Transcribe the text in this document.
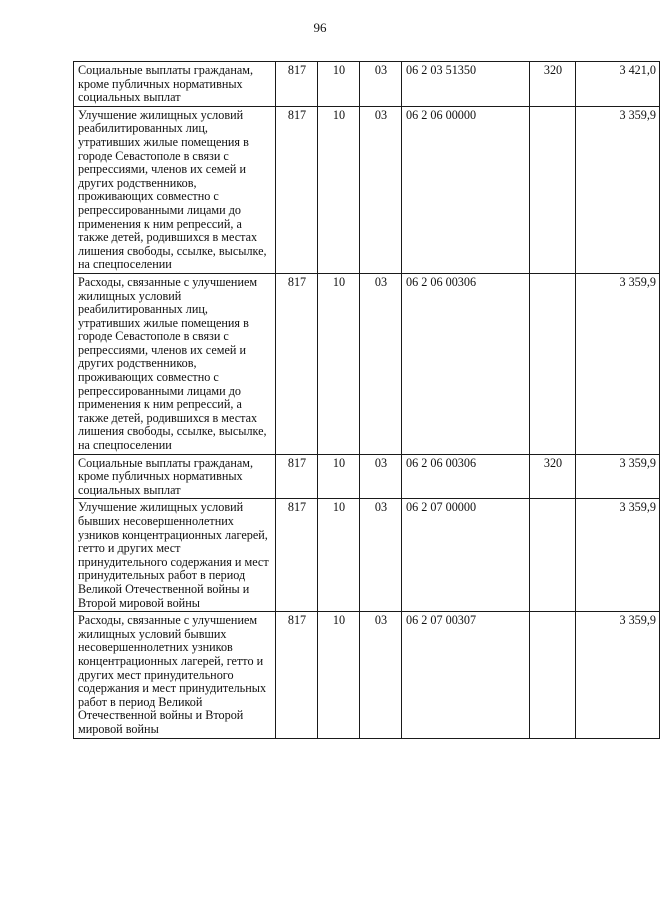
96
Социальные выплаты гражданам, кроме публичных нормативных социальных выплат	817	10	03	06 2 03 51350	320	3 421,0
Улучшение жилищных условий реабилитированных лиц, утративших жилые помещения в городе Севастополе в связи с репрессиями, членов их семей и других родственников, проживающих совместно с репрессированными лицами до применения к ним репрессий, а также детей, родившихся в местах лишения свободы, ссылке, высылке, на спецпоселении	817	10	03	06 2 06 00000		3 359,9
Расходы, связанные с улучшением жилищных условий реабилитированных лиц, утративших жилые помещения в городе Севастополе в связи с репрессиями, членов их семей и других родственников, проживающих совместно с репрессированными лицами до применения к ним репрессий, а также детей, родившихся в местах лишения свободы, ссылке, высылке, на спецпоселении	817	10	03	06 2 06 00306		3 359,9
Социальные выплаты гражданам, кроме публичных нормативных социальных выплат	817	10	03	06 2 06 00306	320	3 359,9
Улучшение жилищных условий бывших несовершеннолетних узников концентрационных лагерей, гетто и других мест принудительного содержания и мест принудительных работ в период Великой Отечественной войны и Второй мировой войны	817	10	03	06 2 07 00000		3 359,9
Расходы, связанные с улучшением жилищных условий бывших несовершеннолетних узников концентрационных лагерей, гетто и других мест принудительного содержания и мест принудительных работ в период Великой Отечественной войны и Второй мировой войны	817	10	03	06 2 07 00307		3 359,9
